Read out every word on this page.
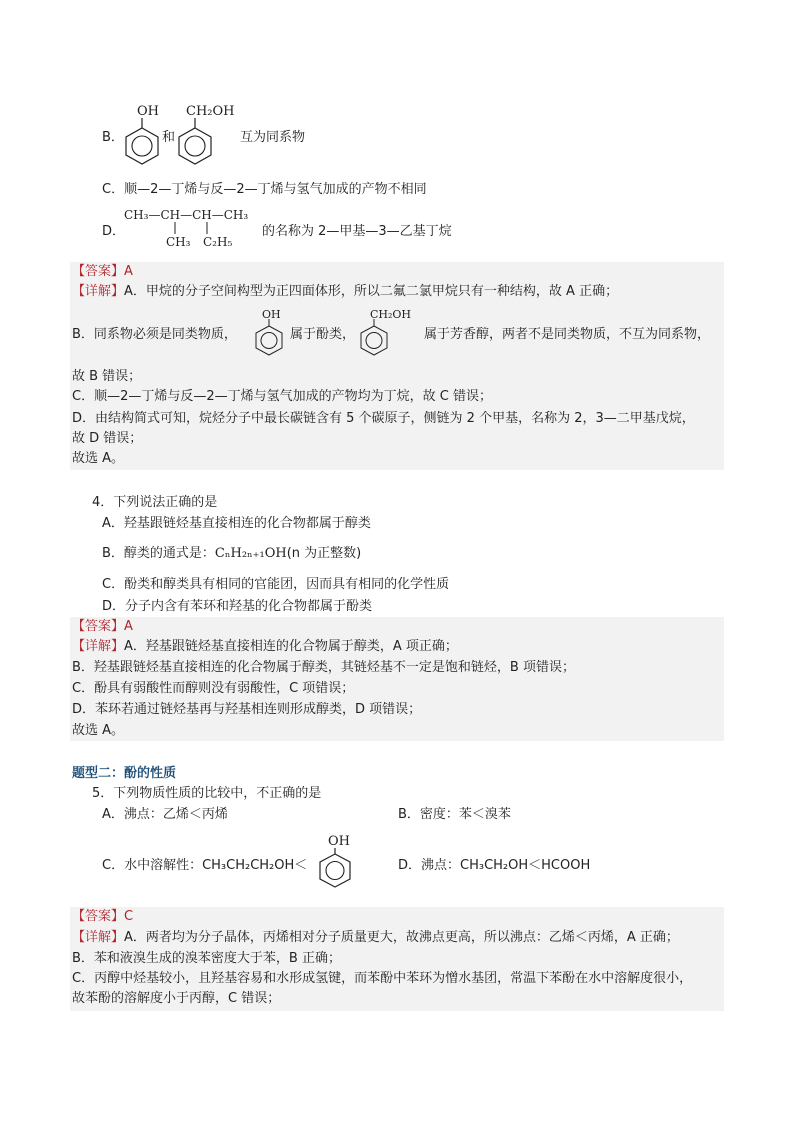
B．
OH
和
CH₂OH
互为同系物
C．顺—2—丁烯与反—2—丁烯与氢气加成的产物不相同
D．
CH₃—CH—CH—CH₃
CH₃ C₂H₅
的名称为 2—甲基—3—乙基丁烷
【答案】A
【详解】A．甲烷的分子空间构型为正四面体形，所以二氟二氯甲烷只有一种结构，故 A 正确；
B．同系物必须是同类物质，
OH
属于酚类，
CH₂OH
属于芳香醇，两者不是同类物质，不互为同系物，
故 B 错误；
C．顺—2—丁烯与反—2—丁烯与氢气加成的产物均为丁烷，故 C 错误；
D．由结构简式可知，烷烃分子中最长碳链含有 5 个碳原子，侧链为 2 个甲基，名称为 2，3—二甲基戊烷，
故 D 错误；
故选 A。
4．下列说法正确的是
A．羟基跟链烃基直接相连的化合物都属于醇类
B．醇类的通式是：CₙH₂ₙ₊₁OH(n 为正整数)
C．酚类和醇类具有相同的官能团，因而具有相同的化学性质
D．分子内含有苯环和羟基的化合物都属于酚类
【答案】A
【详解】A．羟基跟链烃基直接相连的化合物属于醇类，A 项正确；
B．羟基跟链烃基直接相连的化合物属于醇类，其链烃基不一定是饱和链烃，B 项错误；
C．酚具有弱酸性而醇则没有弱酸性，C 项错误；
D．苯环若通过链烃基再与羟基相连则形成醇类，D 项错误；
故选 A。
题型二：酚的性质
5．下列物质性质的比较中，不正确的是
A．沸点：乙烯＜丙烯	B．密度：苯＜溴苯
C．水中溶解性：CH₃CH₂CH₂OH＜
OH
D．沸点：CH₃CH₂OH＜HCOOH
【答案】C
【详解】A．两者均为分子晶体，丙烯相对分子质量更大，故沸点更高，所以沸点：乙烯＜丙烯，A 正确；
B．苯和液溴生成的溴苯密度大于苯，B 正确；
C．丙醇中烃基较小，且羟基容易和水形成氢键，而苯酚中苯环为憎水基团，常温下苯酚在水中溶解度很小，
故苯酚的溶解度小于丙醇，C 错误；
